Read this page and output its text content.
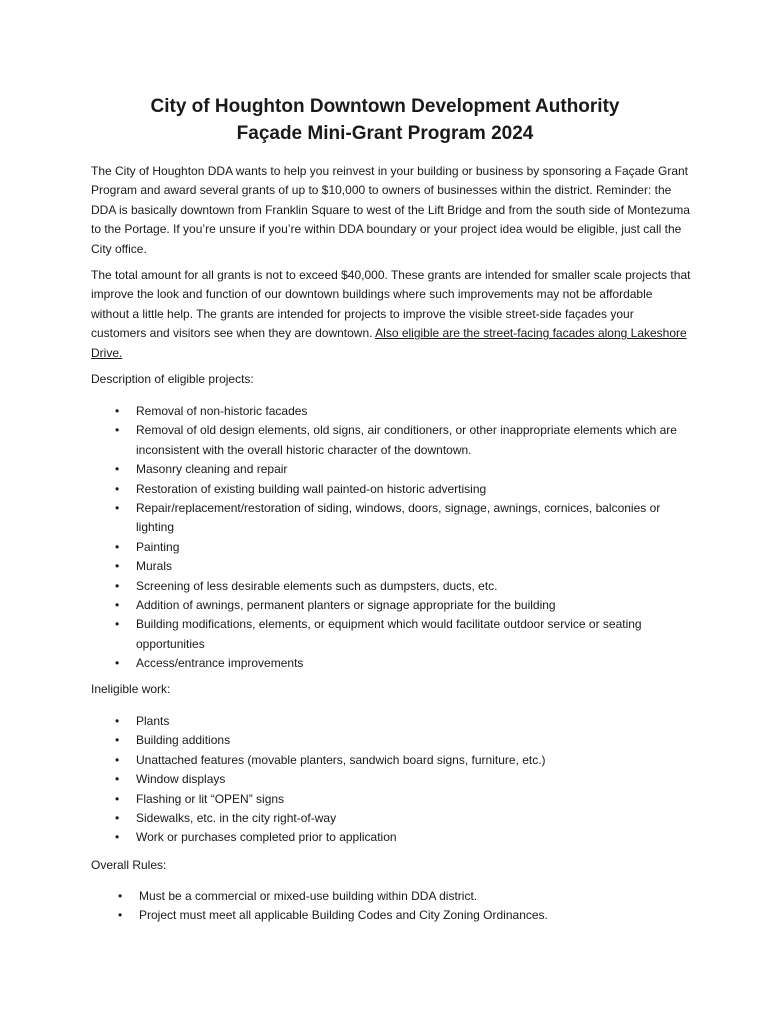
City of Houghton Downtown Development Authority
Façade Mini-Grant Program 2024
The City of Houghton DDA wants to help you reinvest in your building or business by sponsoring a Façade Grant Program and award several grants of up to $10,000 to owners of businesses within the district. Reminder: the DDA is basically downtown from Franklin Square to west of the Lift Bridge and from the south side of Montezuma to the Portage. If you’re unsure if you’re within DDA boundary or your project idea would be eligible, just call the City office.
The total amount for all grants is not to exceed $40,000. These grants are intended for smaller scale projects that improve the look and function of our downtown buildings where such improvements may not be affordable without a little help. The grants are intended for projects to improve the visible street-side façades your customers and visitors see when they are downtown. Also eligible are the street-facing facades along Lakeshore Drive.
Description of eligible projects:
• Removal of non-historic facades
• Removal of old design elements, old signs, air conditioners, or other inappropriate elements which are inconsistent with the overall historic character of the downtown.
• Masonry cleaning and repair
• Restoration of existing building wall painted-on historic advertising
• Repair/replacement/restoration of siding, windows, doors, signage, awnings, cornices, balconies or lighting
• Painting
• Murals
• Screening of less desirable elements such as dumpsters, ducts, etc.
• Addition of awnings, permanent planters or signage appropriate for the building
• Building modifications, elements, or equipment which would facilitate outdoor service or seating opportunities
• Access/entrance improvements
Ineligible work:
• Plants
• Building additions
• Unattached features (movable planters, sandwich board signs, furniture, etc.)
• Window displays
• Flashing or lit “OPEN” signs
• Sidewalks, etc. in the city right-of-way
• Work or purchases completed prior to application
Overall Rules:
• Must be a commercial or mixed-use building within DDA district.
• Project must meet all applicable Building Codes and City Zoning Ordinances.
